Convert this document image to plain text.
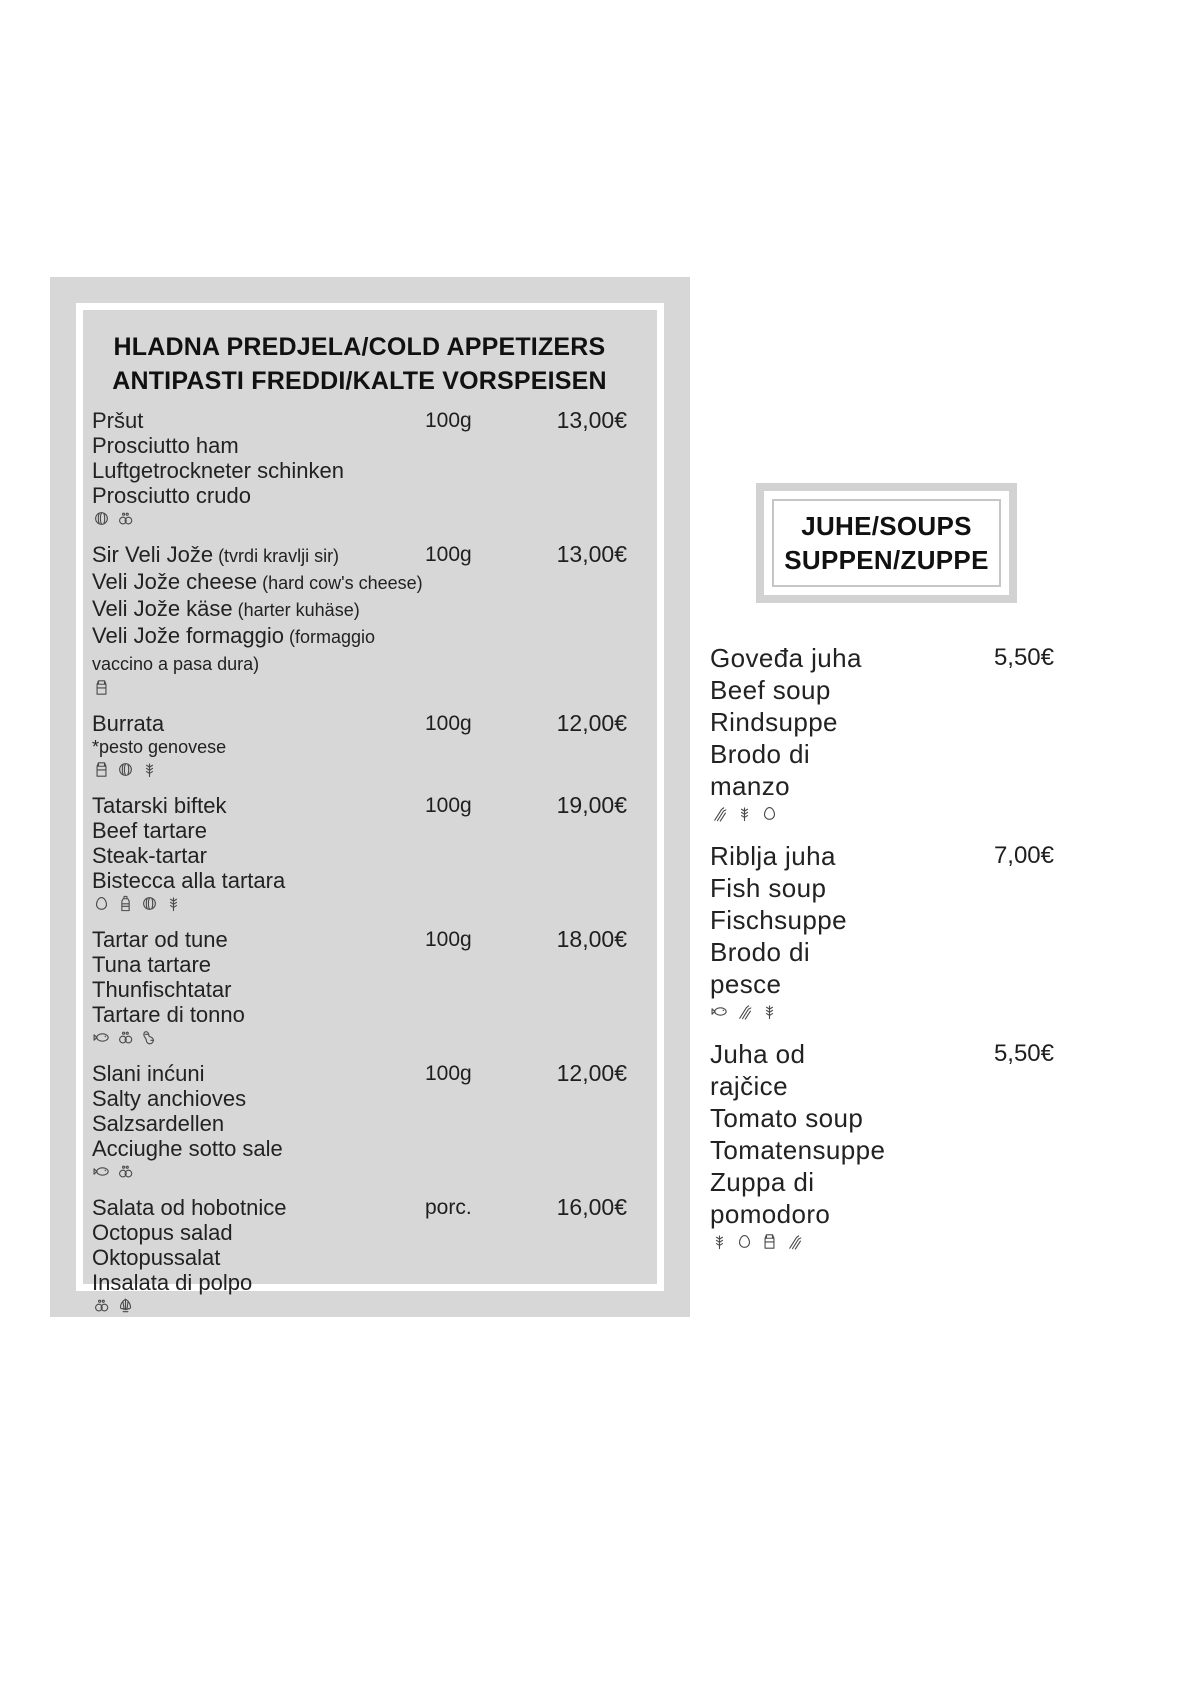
HLADNA PREDJELA/COLD APPETIZERS
ANTIPASTI FREDDI/KALTE VORSPEISEN
Pršut
Prosciutto ham
Luftgetrockneter schinken
Prosciutto crudo
100g	13,00€
Sir Veli Jože (tvrdi kravlji sir)
Veli Jože cheese (hard cow's cheese)
Veli Jože käse (harter kuhäse)
Veli Jože formaggio (formaggio vaccino a pasa dura)
100g	13,00€
Burrata
*pesto genovese
100g	12,00€
Tatarski biftek
Beef tartare
Steak-tartar
Bistecca alla tartara
100g	19,00€
Tartar od tune
Tuna tartare
Thunfischtatar
Tartare di tonno
100g	18,00€
Slani inćuni
Salty anchioves
Salzsardellen
Acciughe sotto sale
100g	12,00€
Salata od hobotnice
Octopus salad
Oktopussalat
Insalata di polpo
porc.	16,00€
JUHE/SOUPS
SUPPEN/ZUPPE
Goveđa juha
Beef soup
Rindsuppe
Brodo di manzo
5,50€
Riblja juha
Fish soup
Fischsuppe
Brodo di pesce
7,00€
Juha od rajčice
Tomato soup
Tomatensuppe
Zuppa di pomodoro
5,50€
